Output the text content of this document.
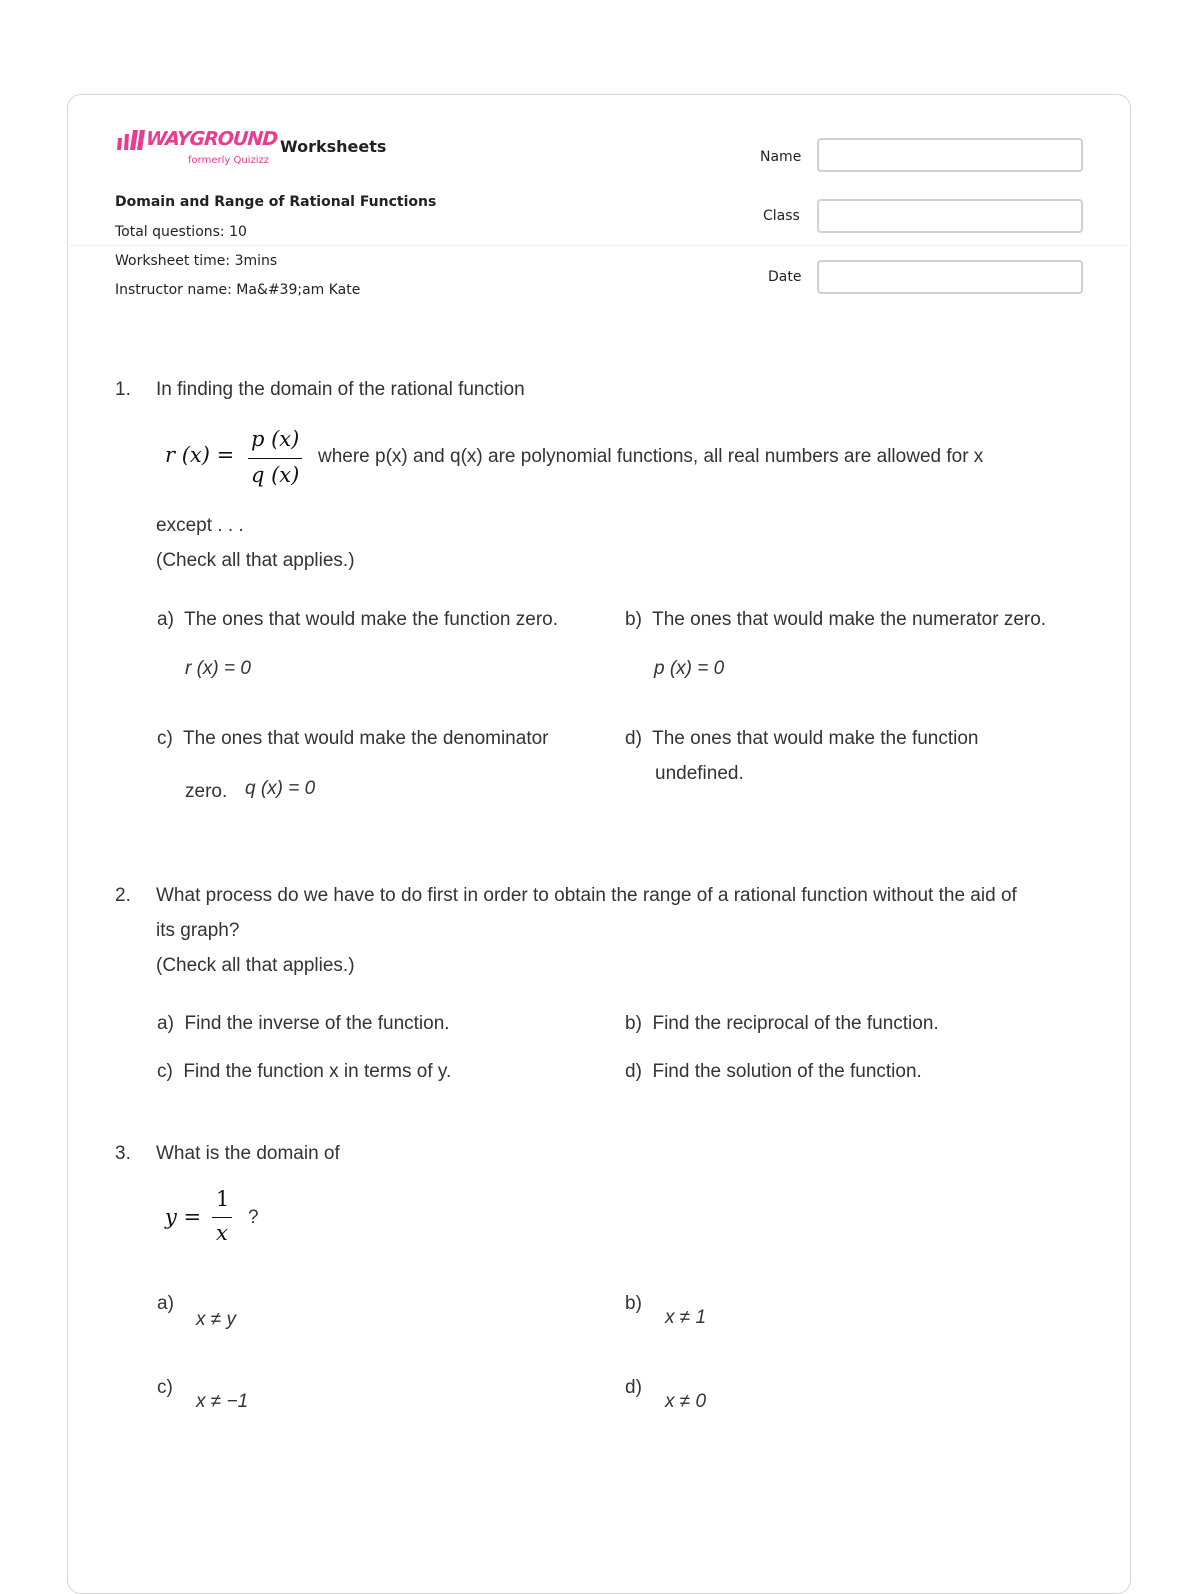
WAYGROUND
formerly Quizizz
Worksheets
Domain and Range of Rational Functions
Total questions: 10
Worksheet time: 3mins
Instructor name: Ma&#39;am Kate
Name
Class
Date
1. In finding the domain of the rational function
r (x) =
p (x)
q (x)
where p(x) and q(x) are polynomial functions, all real numbers are allowed for x
except . . .
(Check all that applies.)
a) The ones that would make the function zero.
r (x) = 0
b) The ones that would make the numerator zero.
p (x) = 0
c) The ones that would make the denominator
zero. q (x) = 0
d) The ones that would make the function
undefined.
2. What process do we have to do first in order to obtain the range of a rational function without the aid of
its graph?
(Check all that applies.)
a) Find the inverse of the function.	b) Find the reciprocal of the function.
c) Find the function x in terms of y.	d) Find the solution of the function.
3. What is the domain of
y =
1
x
?
a)
x ≠ y
b)
x ≠ 1
c)
x ≠ −1
d)
x ≠ 0
